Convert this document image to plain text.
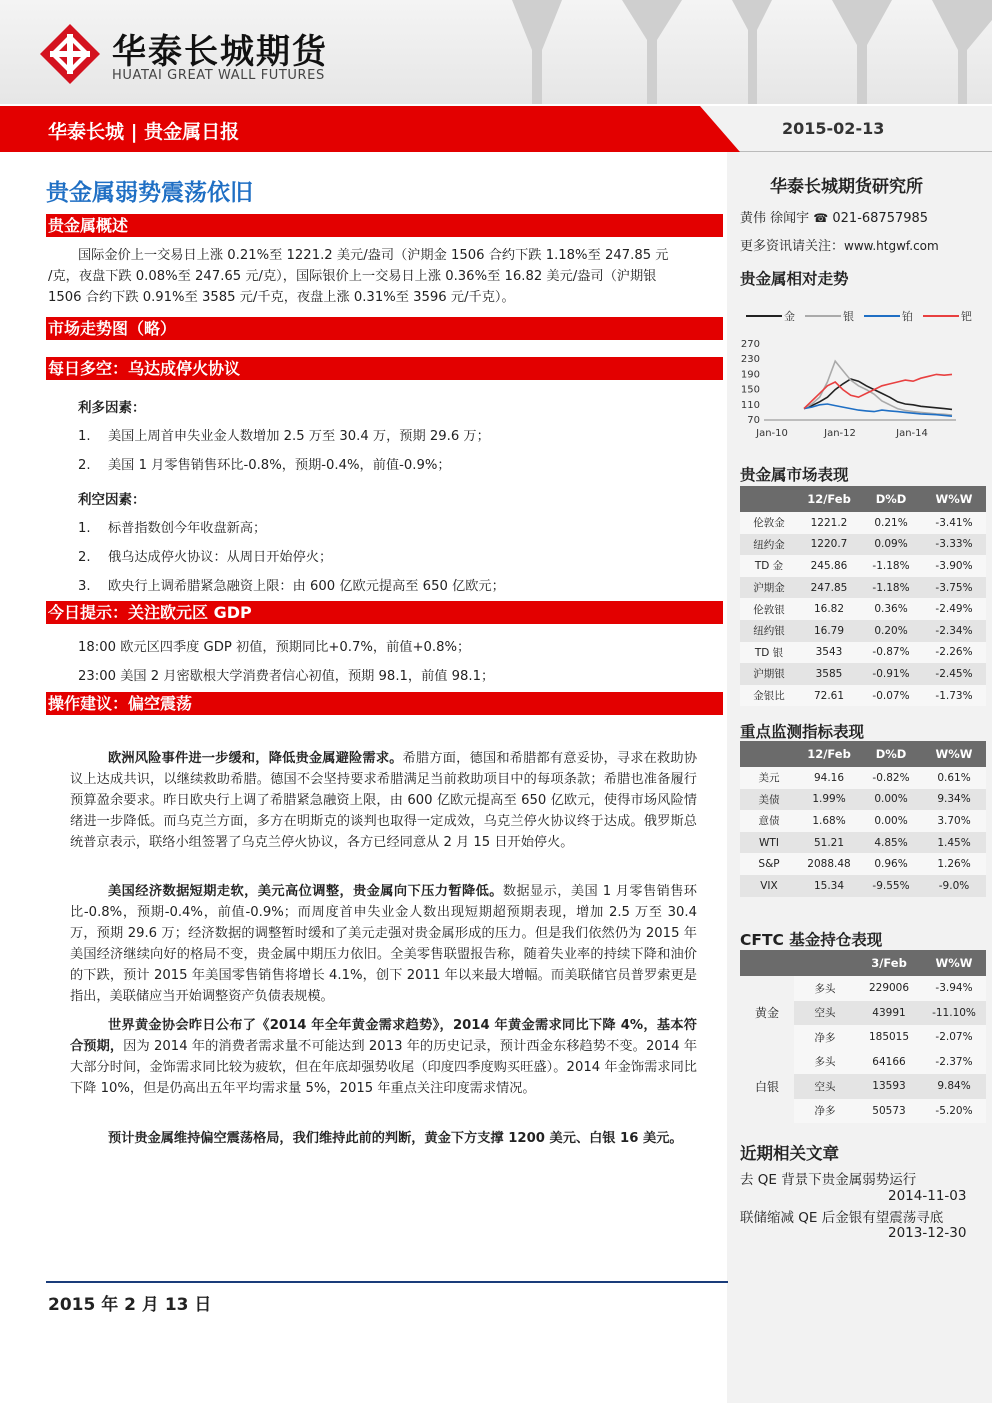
华泰长城期货
HUATAI GREAT WALL FUTURES
华泰长城 | 贵金属日报	2015-02-13
贵金属弱势震荡依旧
贵金属概述
国际金价上一交易日上涨 0.21%至 1221.2 美元/盎司（沪期金 1506 合约下跌 1.18%至 247.85 元
/克，夜盘下跌 0.08%至 247.65 元/克），国际银价上一交易日上涨 0.36%至 16.82 美元/盎司（沪期银
1506 合约下跌 0.91%至 3585 元/千克，夜盘上涨 0.31%至 3596 元/千克）。
市场走势图（略）
每日多空：乌达成停火协议
利多因素：
1. 美国上周首申失业金人数增加 2.5 万至 30.4 万，预期 29.6 万；
2. 美国 1 月零售销售环比-0.8%，预期-0.4%，前值-0.9%；
利空因素：
1. 标普指数创今年收盘新高；
2. 俄乌达成停火协议：从周日开始停火；
3. 欧央行上调希腊紧急融资上限：由 600 亿欧元提高至 650 亿欧元；
今日提示：关注欧元区 GDP
18:00 欧元区四季度 GDP 初值，预期同比+0.7%，前值+0.8%；
23:00 美国 2 月密歇根大学消费者信心初值，预期 98.1，前值 98.1；
操作建议：偏空震荡
欧洲风险事件进一步缓和，降低贵金属避险需求。希腊方面，德国和希腊都有意妥协，寻求在救助协议上达成共识，以继续救助希腊。德国不会坚持要求希腊满足当前救助项目中的每项条款；希腊也准备履行预算盈余要求。昨日欧央行上调了希腊紧急融资上限，由 600 亿欧元提高至 650 亿欧元，使得市场风险情绪进一步降低。而乌克兰方面，多方在明斯克的谈判也取得一定成效，乌克兰停火协议终于达成。俄罗斯总统普京表示，联络小组签署了乌克兰停火协议，各方已经同意从 2 月 15 日开始停火。
美国经济数据短期走软，美元高位调整，贵金属向下压力暂降低。数据显示，美国 1 月零售销售环比-0.8%，预期-0.4%，前值-0.9%；而周度首申失业金人数出现短期超预期表现，增加 2.5 万至 30.4 万，预期 29.6 万；经济数据的调整暂时缓和了美元走强对贵金属形成的压力。但是我们依然仍为 2015 年美国经济继续向好的格局不变，贵金属中期压力依旧。全美零售联盟报告称，随着失业率的持续下降和油价的下跌，预计 2015 年美国零售销售将增长 4.1%，创下 2011 年以来最大增幅。而美联储官员普罗索更是指出，美联储应当开始调整资产负债表规模。
世界黄金协会昨日公布了《2014 年全年黄金需求趋势》，2014 年黄金需求同比下降 4%，基本符合预期，因为 2014 年的消费者需求量不可能达到 2013 年的历史记录，预计西金东移趋势不变。2014 年大部分时间，金饰需求同比较为疲软，但在年底却强势收尾（印度四季度购买旺盛）。2014 年金饰需求同比下降 10%，但是仍高出五年平均需求量 5%，2015 年重点关注印度需求情况。
预计贵金属维持偏空震荡格局，我们维持此前的判断，黄金下方支撑 1200 美元、白银 16 美元。
2015 年 2 月 13 日
华泰长城期货研究所
黄伟 徐闻宇 ☎ 021-68757985
更多资讯请关注：www.htgwf.com
贵金属相对走势
金	银	铂	钯
70
110
150
190
230
270
Jan-10	Jan-12	Jan-14
贵金属市场表现
	12/Feb	D%D	W%W
伦敦金	1221.2	0.21%	-3.41%
纽约金	1220.7	0.09%	-3.33%
TD 金	245.86	-1.18%	-3.90%
沪期金	247.85	-1.18%	-3.75%
伦敦银	16.82	0.36%	-2.49%
纽约银	16.79	0.20%	-2.34%
TD 银	3543	-0.87%	-2.26%
沪期银	3585	-0.91%	-2.45%
金银比	72.61	-0.07%	-1.73%
重点监测指标表现
	12/Feb	D%D	W%W
美元	94.16	-0.82%	0.61%
美债	1.99%	0.00%	9.34%
意债	1.68%	0.00%	3.70%
WTI	51.21	4.85%	1.45%
S&P	2088.48	0.96%	1.26%
VIX	15.34	-9.55%	-9.0%
CFTC 基金持仓表现
		3/Feb	W%W
黄金	多头	229006	-3.94%
	空头	43991	-11.10%
	净多	185015	-2.07%
白银	多头	64166	-2.37%
	空头	13593	9.84%
	净多	50573	-5.20%
近期相关文章
去 QE 背景下贵金属弱势运行
2014-11-03
联储缩减 QE 后金银有望震荡寻底
2013-12-30
